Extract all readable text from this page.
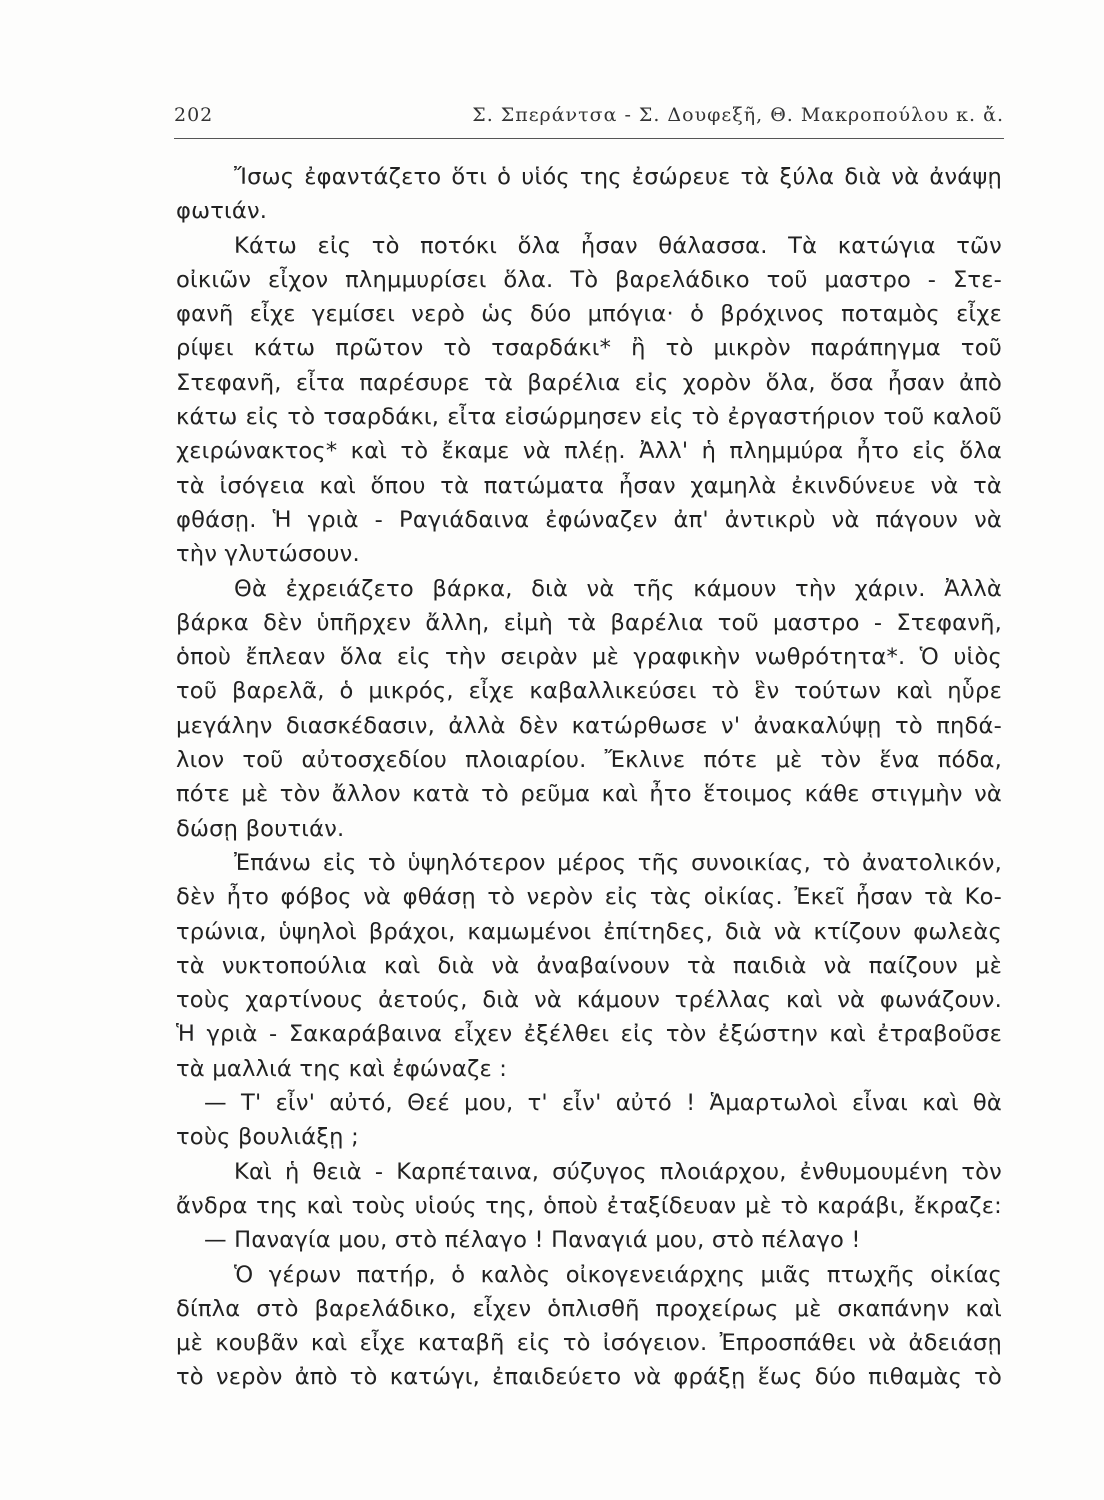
202	Σ. Σπεράντσα - Σ. Δουφεξῆ, Θ. Μακροπούλου κ. ἄ.
Ἴσως ἐφαντάζετο ὅτι ὁ υἱός της ἐσώρευε τὰ ξύλα διὰ νὰ ἀνάψῃ
φωτιάν.
Κάτω εἰς τὸ ποτόκι ὅλα ἦσαν θάλασσα. Τὰ κατώγια τῶν
οἰκιῶν εἶχον πλημμυρίσει ὅλα. Τὸ βαρελάδικο τοῦ μαστρο - Στε-
φανῆ εἶχε γεμίσει νερὸ ὡς δύο μπόγια· ὁ βρόχινος ποταμὸς εἶχε
ρίψει κάτω πρῶτον τὸ τσαρδάκι* ἢ τὸ μικρὸν παράπηγμα τοῦ
Στεφανῆ, εἶτα παρέσυρε τὰ βαρέλια εἰς χορὸν ὅλα, ὅσα ἦσαν ἀπὸ
κάτω εἰς τὸ τσαρδάκι, εἶτα εἰσώρμησεν εἰς τὸ ἐργαστήριον τοῦ καλοῦ
χειρώνακτος* καὶ τὸ ἔκαμε νὰ πλέῃ. Ἀλλ' ἡ πλημμύρα ἦτο εἰς ὅλα
τὰ ἰσόγεια καὶ ὅπου τὰ πατώματα ἦσαν χαμηλὰ ἐκινδύνευε νὰ τὰ
φθάσῃ. Ἡ γριὰ - Ραγιάδαινα ἐφώναζεν ἀπ' ἀντικρὺ νὰ πάγουν νὰ
τὴν γλυτώσουν.
Θὰ ἐχρειάζετο βάρκα, διὰ νὰ τῆς κάμουν τὴν χάριν. Ἀλλὰ
βάρκα δὲν ὑπῆρχεν ἄλλη, εἰμὴ τὰ βαρέλια τοῦ μαστρο - Στεφανῆ,
ὁποὺ ἔπλεαν ὅλα εἰς τὴν σειρὰν μὲ γραφικὴν νωθρότητα*. Ὁ υἱὸς
τοῦ βαρελᾶ, ὁ μικρός, εἶχε καβαλλικεύσει τὸ ἓν τούτων καὶ ηὗρε
μεγάλην διασκέδασιν, ἀλλὰ δὲν κατώρθωσε ν' ἀνακαλύψῃ τὸ πηδά-
λιον τοῦ αὐτοσχεδίου πλοιαρίου. Ἔκλινε πότε μὲ τὸν ἕνα πόδα,
πότε μὲ τὸν ἄλλον κατὰ τὸ ρεῦμα καὶ ἦτο ἕτοιμος κάθε στιγμὴν νὰ
δώσῃ βουτιάν.
Ἐπάνω εἰς τὸ ὑψηλότερον μέρος τῆς συνοικίας, τὸ ἀνατολικόν,
δὲν ἦτο φόβος νὰ φθάσῃ τὸ νερὸν εἰς τὰς οἰκίας. Ἐκεῖ ἦσαν τὰ Κο-
τρώνια, ὑψηλοὶ βράχοι, καμωμένοι ἐπίτηδες, διὰ νὰ κτίζουν φωλεὰς
τὰ νυκτοπούλια καὶ διὰ νὰ ἀναβαίνουν τὰ παιδιὰ νὰ παίζουν μὲ
τοὺς χαρτίνους ἀετούς, διὰ νὰ κάμουν τρέλλας καὶ νὰ φωνάζουν.
Ἡ γριὰ - Σακαράβαινα εἶχεν ἐξέλθει εἰς τὸν ἐξώστην καὶ ἐτραβοῦσε
τὰ μαλλιά της καὶ ἐφώναζε :
— Τ' εἶν' αὐτό, Θεέ μου, τ' εἶν' αὐτό ! Ἁμαρτωλοὶ εἶναι καὶ θὰ
τοὺς βουλιάξῃ ;
Καὶ ἡ θειὰ - Καρπέταινα, σύζυγος πλοιάρχου, ἐνθυμουμένη τὸν
ἄνδρα της καὶ τοὺς υἱούς της, ὁποὺ ἐταξίδευαν μὲ τὸ καράβι, ἔκραζε:
— Παναγία μου, στὸ πέλαγο ! Παναγιά μου, στὸ πέλαγο !
Ὁ γέρων πατήρ, ὁ καλὸς οἰκογενειάρχης μιᾶς πτωχῆς οἰκίας
δίπλα στὸ βαρελάδικο, εἶχεν ὁπλισθῆ προχείρως μὲ σκαπάνην καὶ
μὲ κουβᾶν καὶ εἶχε καταβῆ εἰς τὸ ἰσόγειον. Ἐπροσπάθει νὰ ἀδειάσῃ
τὸ νερὸν ἀπὸ τὸ κατώγι, ἐπαιδεύετο νὰ φράξῃ ἕως δύο πιθαμὰς τὸ
